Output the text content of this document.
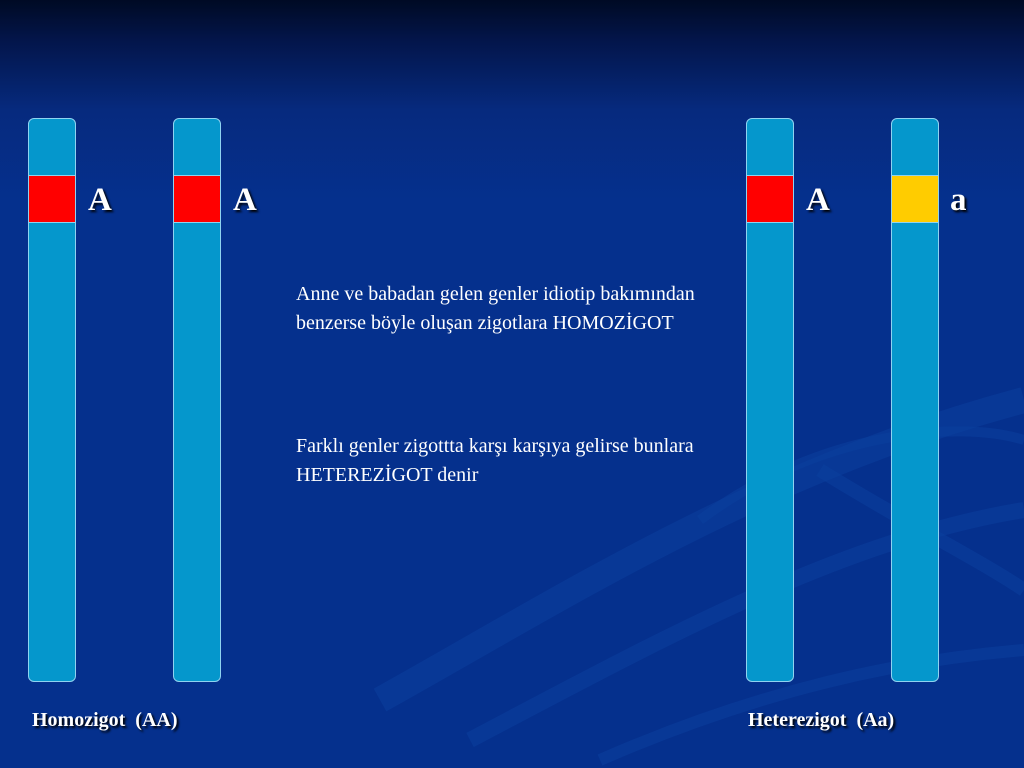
A	A	A	a

Anne ve babadan gelen genler idiotip bakımından benzerse böyle oluşan zigotlara HOMOZİGOT

Farklı genler zigottta karşı karşıya gelirse bunlara HETEREZİGOT denir

Homozigot  (AA)	Heterezigot  (Aa)
